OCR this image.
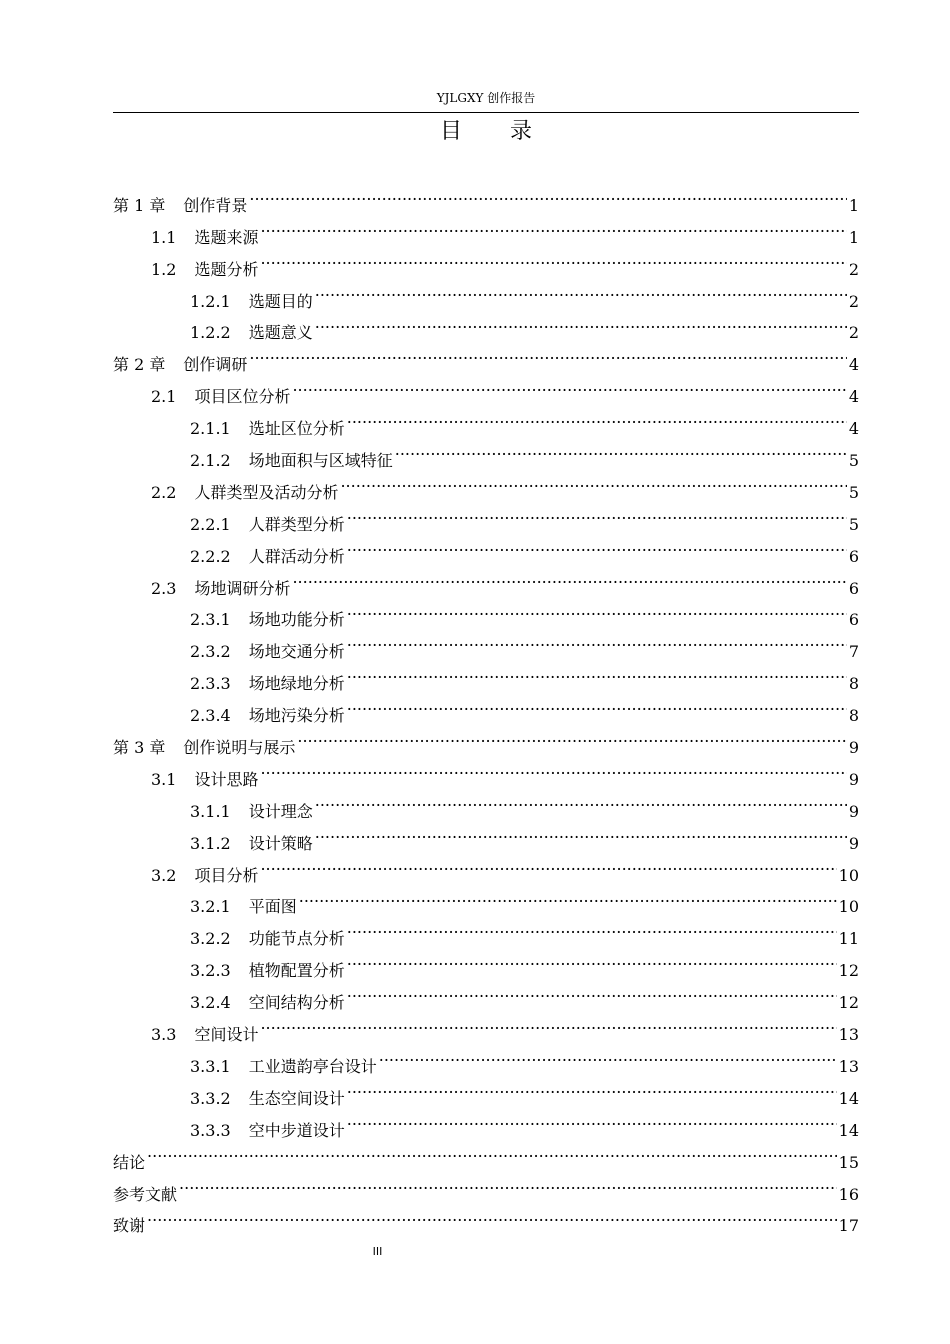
YJLGXY 创作报告
目录
第 1 章	创作背景 .....	1
1.1	选题来源 .....	1
1.2	选题分析 .....	2
1.2.1	选题目的 .....	2
1.2.2	选题意义 .....	2
第 2 章	创作调研 .....	4
2.1	项目区位分析 .....	4
2.1.1	选址区位分析 .....	4
2.1.2	场地面积与区域特征 .....	5
2.2	人群类型及活动分析 .....	5
2.2.1	人群类型分析 .....	5
2.2.2	人群活动分析 .....	6
2.3	场地调研分析 .....	6
2.3.1	场地功能分析 .....	6
2.3.2	场地交通分析 .....	7
2.3.3	场地绿地分析 .....	8
2.3.4	场地污染分析 .....	8
第 3 章	创作说明与展示 .....	9
3.1	设计思路 .....	9
3.1.1	设计理念 .....	9
3.1.2	设计策略 .....	9
3.2	项目分析 .....	10
3.2.1	平面图 .....	10
3.2.2	功能节点分析 .....	11
3.2.3	植物配置分析 .....	12
3.2.4	空间结构分析 .....	12
3.3	空间设计 .....	13
3.3.1	工业遗韵亭台设计 .....	13
3.3.2	生态空间设计 .....	14
3.3.3	空中步道设计 .....	14
结论 .....	15
参考文献 .....	16
致谢 .....	17
III
